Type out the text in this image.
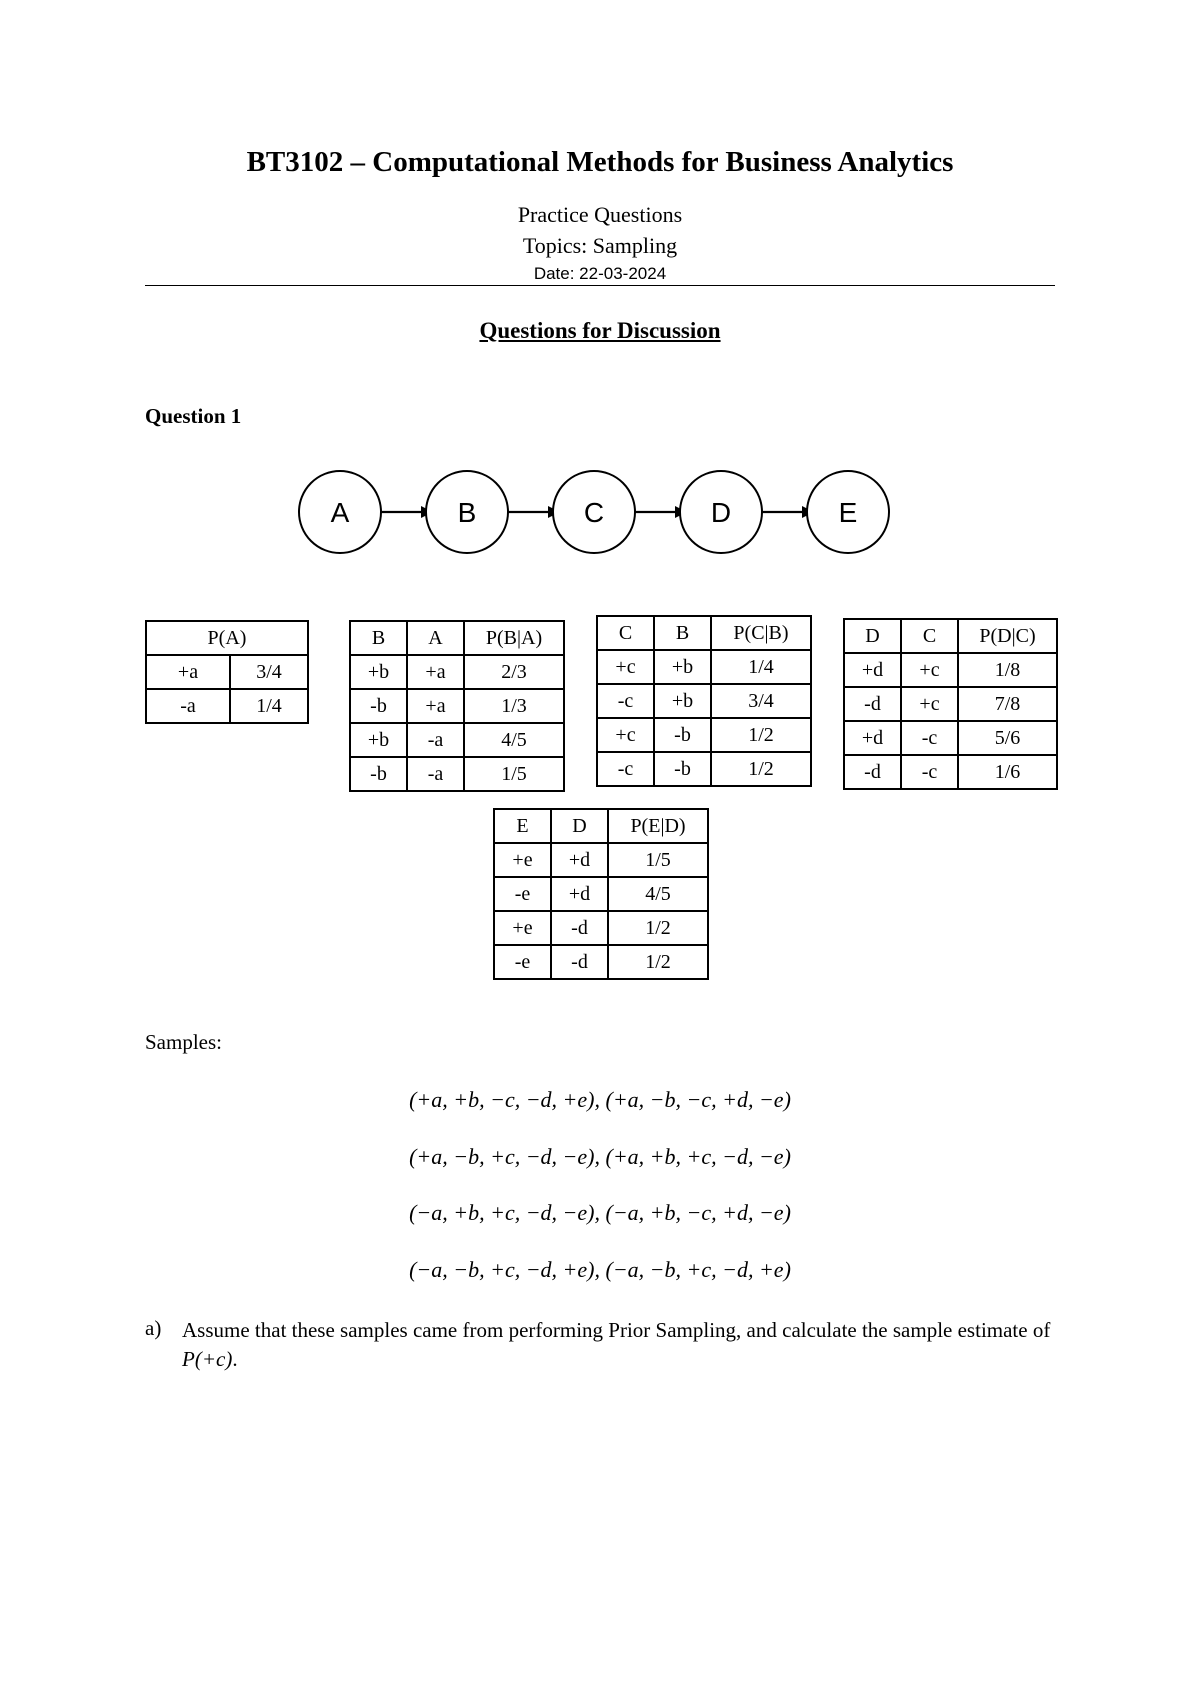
BT3102 – Computational Methods for Business Analytics
Practice Questions
Topics: Sampling
Date: 22-03-2024
Questions for Discussion
Question 1
A	B	C	D	E
P(A)	
+a	3/4
-a	1/4
B	A	P(B|A)
+b	+a	2/3
-b	+a	1/3
+b	-a	4/5
-b	-a	1/5
C	B	P(C|B)
+c	+b	1/4
-c	+b	3/4
+c	-b	1/2
-c	-b	1/2
D	C	P(D|C)
+d	+c	1/8
-d	+c	7/8
+d	-c	5/6
-d	-c	1/6
E	D	P(E|D)
+e	+d	1/5
-e	+d	4/5
+e	-d	1/2
-e	-d	1/2
Samples:
(+a, +b, −c, −d, +e), (+a, −b, −c, +d, −e)
(+a, −b, +c, −d, −e), (+a, +b, +c, −d, −e)
(−a, +b, +c, −d, −e), (−a, +b, −c, +d, −e)
(−a, −b, +c, −d, +e), (−a, −b, +c, −d, +e)
a) Assume that these samples came from performing Prior Sampling, and calculate the sample estimate of P(+c).
